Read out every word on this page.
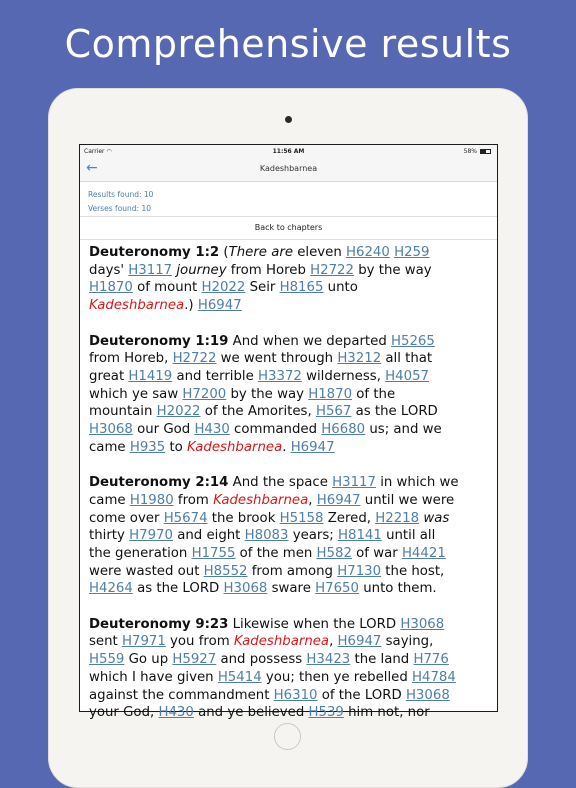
Comprehensive results
Carrier ◠	11:56 AM	58%
←	Kadeshbarnea
Results found: 10
Verses found: 10
Back to chapters
Deuteronomy 1:2 (There are eleven H6240 H259
days' H3117 journey from Horeb H2722 by the way
H1870 of mount H2022 Seir H8165 unto
Kadeshbarnea.) H6947
Deuteronomy 1:19 And when we departed H5265
from Horeb, H2722 we went through H3212 all that
great H1419 and terrible H3372 wilderness, H4057
which ye saw H7200 by the way H1870 of the
mountain H2022 of the Amorites, H567 as the LORD
H3068 our God H430 commanded H6680 us; and we
came H935 to Kadeshbarnea. H6947
Deuteronomy 2:14 And the space H3117 in which we
came H1980 from Kadeshbarnea, H6947 until we were
come over H5674 the brook H5158 Zered, H2218 was
thirty H7970 and eight H8083 years; H8141 until all
the generation H1755 of the men H582 of war H4421
were wasted out H8552 from among H7130 the host,
H4264 as the LORD H3068 sware H7650 unto them.
Deuteronomy 9:23 Likewise when the LORD H3068
sent H7971 you from Kadeshbarnea, H6947 saying,
H559 Go up H5927 and possess H3423 the land H776
which I have given H5414 you; then ye rebelled H4784
against the commandment H6310 of the LORD H3068
your God, H430 and ye believed H539 him not, nor
